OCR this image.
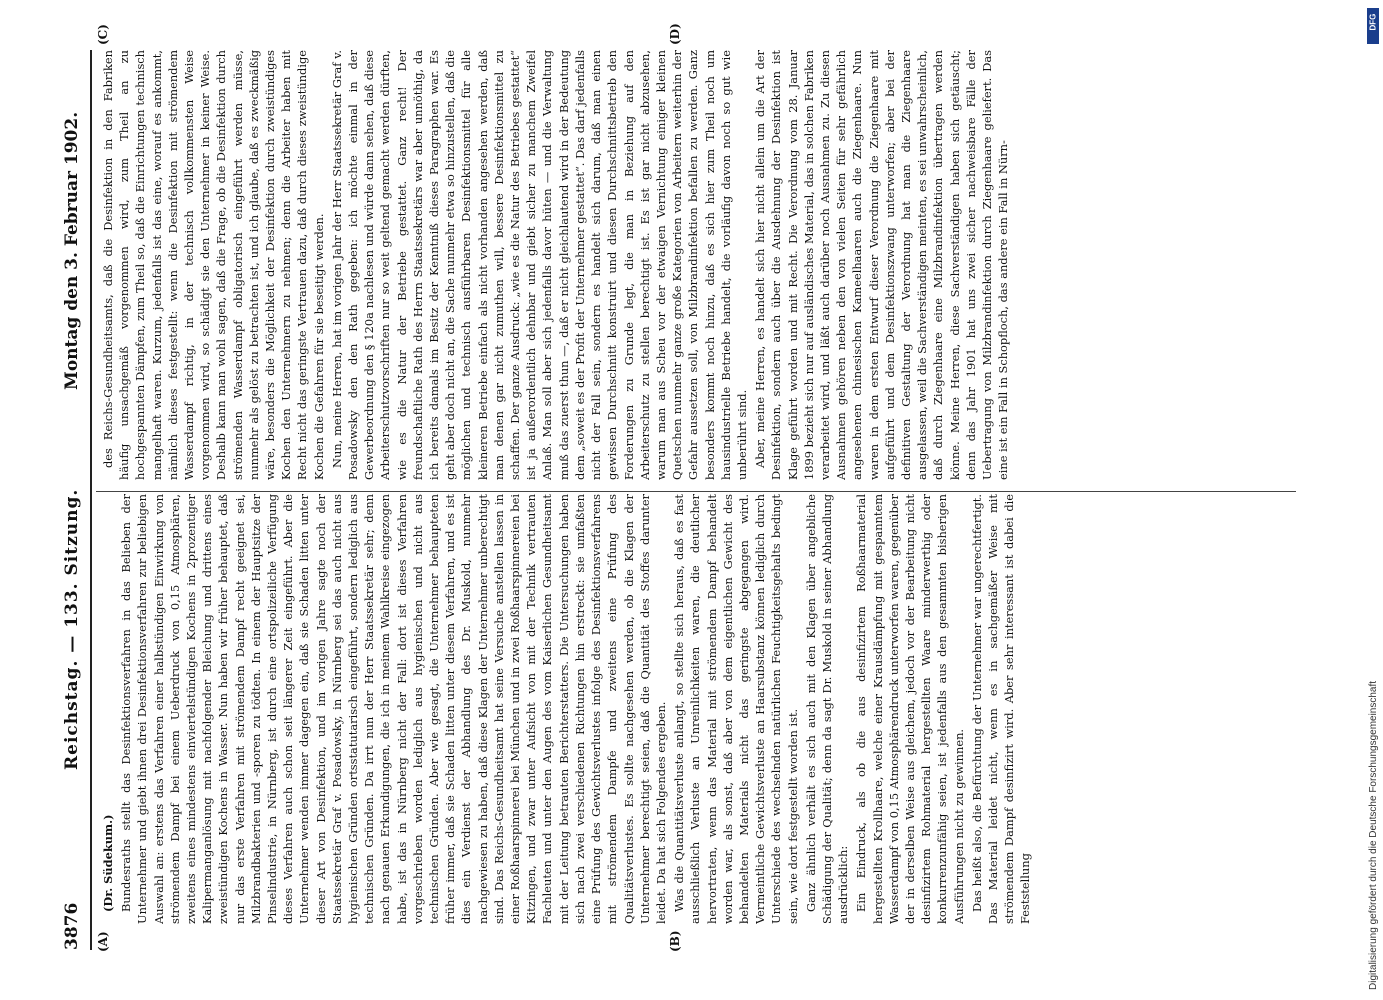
3876
Reichstag. — 133. Sitzung.
Montag den 3. Februar 1902.
(A)	(B)
(C)	(D)

(Dr. Südekum.) Bundesraths stellt das Desinfektionsverfahren in das Belieben der Unternehmer und giebt ihnen drei Desinfektionsverfahren zur beliebigen Auswahl an: erstens das Verfahren einer halbstündigen Einwirkung von strömendem Dampf bei einem Ueberdruck von 0,15 Atmosphären, zweitens eines mindestens einviertelstündigen Kochens in 2prozentiger Kalipermanganlösung mit nachfolgender Bleichung und drittens eines zweistündigen Kochens in Wasser. Nun haben wir früher behauptet, daß nur das erste Verfahren mit strömendem Dampf recht geeignet sei, Milzbrandbakterien und -sporen zu tödten. In einem der Hauptsitze der Pinselindustrie, in Nürnberg, ist durch eine ortspolizeiliche Verfügung dieses Verfahren auch schon seit längerer Zeit eingeführt. Aber die Unternehmer wenden immer dagegen ein, daß sie Schaden litten unter dieser Art von Desinfektion, und im vorigen Jahre sagte noch der Staatssekretär Graf v. Posadowsky, in Nürnberg sei das auch nicht aus hygienischen Gründen ortsstatutarisch eingeführt, sondern lediglich aus technischen Gründen. Da irrt nun der Herr Staatssekretär sehr; denn nach genauen Erkundigungen, die ich in meinem Wahlkreise eingezogen habe, ist das in Nürnberg nicht der Fall: dort ist dieses Verfahren vorgeschrieben worden lediglich aus hygienischen und nicht aus technischen Gründen. Aber wie gesagt, die Unternehmer behaupteten früher immer, daß sie Schaden litten unter diesem Verfahren, und es ist dies ein Verdienst der Abhandlung des Dr. Muskold, nunmehr nachgewiesen zu haben, daß diese Klagen der Unternehmer unberechtigt sind. Das Reichs-Gesundheitsamt hat seine Versuche anstellen lassen in einer Roßhaarspinnerei bei München und in zwei Roßhaarspinnereien bei Kitzingen, und zwar unter Aufsicht von mit der Technik vertrauten Fachleuten und unter den Augen des vom Kaiserlichen Gesundheitsamt mit der Leitung betrauten Berichterstatters. Die Untersuchungen haben sich nach zwei verschiedenen Richtungen hin erstreckt: sie umfaßten eine Prüfung des Gewichtsverlustes infolge des Desinfektionsverfahrens mit strömendem Dampfe und zweitens eine Prüfung des Qualitätsverlustes. Es sollte nachgesehen werden, ob die Klagen der Unternehmer berechtigt seien, daß die Quantität des Stoffes darunter leidet. Da hat sich Folgendes ergeben. Was die Quantitätsverluste anlangt, so stellte sich heraus, daß es fast ausschließlich Verluste an Unreinlichkeiten waren, die deutlicher hervortraten, wenn das Material mit strömendem Dampf behandelt worden war, als sonst, daß aber von dem eigentlichen Gewicht des behandelten Materials nicht das geringste abgegangen wird. Vermeintliche Gewichtsverluste an Haarsubstanz können lediglich durch Unterschiede des wechselnden natürlichen Feuchtigkeitsgehalts bedingt sein, wie dort festgestellt worden ist. Ganz ähnlich verhält es sich auch mit den Klagen über angebliche Schädigung der Qualität; denn da sagt Dr. Muskold in seiner Abhandlung ausdrücklich: Ein Eindruck, als ob die aus desinfizirtem Roßhaarmaterial hergestellten Krollhaare, welche einer Krausdämpfung mit gespanntem Wasserdampf von 0,15 Atmosphärendruck unterworfen waren, gegenüber der in derselben Weise aus gleichem, jedoch vor der Bearbeitung nicht desinfizirtem Rohmaterial hergestellten Waare minderwerthig oder konkurrenzunfähig seien, ist jedenfalls aus den gesammten bisherigen Ausführungen nicht zu gewinnen. Das heißt also, die Befürchtung der Unternehmer war ungerechtfertigt. Das Material leidet nicht, wenn es in sachgemäßer Weise mit strömendem Dampf desinfizirt wird. Aber sehr interessant ist dabei die Feststellung

des Reichs-Gesundheitsamts, daß die Desinfektion in den Fabriken häufig unsachgemäß vorgenommen wird, zum Theil an zu hochgespannten Dämpfen, zum Theil so, daß die Einrichtungen technisch mangelhaft waren. Kurzum, jedenfalls ist das eine, worauf es ankommt, nämlich dieses festgestellt: wenn die Desinfektion mit strömendem Wasserdampf richtig, in der technisch vollkommensten Weise vorgenommen wird, so schädigt sie den Unternehmer in keiner Weise. Deshalb kann man wohl sagen, daß die Frage, ob die Desinfektion durch strömenden Wasserdampf obligatorisch eingeführt werden müsse, nunmehr als gelöst zu betrachten ist, und ich glaube, daß es zweckmäßig wäre, besonders die Möglichkeit der Desinfektion durch zweistündiges Kochen den Unternehmern zu nehmen; denn die Arbeiter haben mit Recht nicht das geringste Vertrauen dazu, daß durch dieses zweistündige Kochen die Gefahren für sie beseitigt werden. Nun, meine Herren, hat im vorigen Jahr der Herr Staatssekretär Graf v. Posadowsky den den Rath gegeben: ich möchte einmal in der Gewerbeordnung den § 120a nachlesen und würde dann sehen, daß diese Arbeiterschutzvorschriften nur so weit geltend gemacht werden dürften, wie es die Natur der Betriebe gestattet. Ganz recht! Der freundschaftliche Rath des Herrn Staatssekretärs war aber unnöthig, da ich bereits damals im Besitz der Kenntniß dieses Paragraphen war. Es geht aber doch nicht an, die Sache nunmehr etwa so hinzustellen, daß die möglichen und technisch ausführbaren Desinfektionsmittel für alle kleineren Betriebe einfach als nicht vorhanden angesehen werden, daß man denen gar nicht zumuthen will, bessere Desinfektionsmittel zu schaffen. Der ganze Ausdruck: „wie es die Natur des Betriebes gestattet“ ist ja außerordentlich dehnbar und giebt sicher zu manchem Zweifel Anlaß. Man soll aber sich jedenfalls davor hüten — und die Verwaltung muß das zuerst thun —, daß er nicht gleichlautend wird in der Bedeutung dem „soweit es der Profit der Unternehmer gestattet“. Das darf jedenfalls nicht der Fall sein, sondern es handelt sich darum, daß man einen gewissen Durchschnitt konstruirt und diesen Durchschnittsbetrieb den Forderungen zu Grunde legt, die man in Beziehung auf den Arbeiterschutz zu stellen berechtigt ist. Es ist gar nicht abzusehen, warum man aus Scheu vor der etwaigen Vernichtung einiger kleinen Quetschen nunmehr ganze große Kategorien von Arbeitern weiterhin der Gefahr aussetzen soll, von Milzbrandinfektion befallen zu werden. Ganz besonders kommt noch hinzu, daß es sich hier zum Theil noch um hausindustrielle Betriebe handelt, die vorläufig davon noch so gut wie unberührt sind. Aber, meine Herren, es handelt sich hier nicht allein um die Art der Desinfektion, sondern auch über die Ausdehnung der Desinfektion ist Klage geführt worden und mit Recht. Die Verordnung vom 28. Januar 1899 bezieht sich nur auf ausländisches Material, das in solchen Fabriken verarbeitet wird, und läßt auch darüber noch Ausnahmen zu. Zu diesen Ausnahmen gehören neben den von vielen Seiten für sehr gefährlich angesehenen chinesischen Kameelhaaren auch die Ziegenhaare. Nun waren in dem ersten Entwurf dieser Verordnung die Ziegenhaare mit aufgeführt und dem Desinfektionszwang unterworfen; aber bei der definitiven Gestaltung der Verordnung hat man die Ziegenhaare ausgelassen, weil die Sachverständigen meinten, es sei unwahrscheinlich, daß durch Ziegenhaare eine Milzbrandinfektion übertragen werden könne. Meine Herren, diese Sachverständigen haben sich getäuscht; denn das Jahr 1901 hat uns zwei sicher nachweisbare Fälle der Uebertragung von Milzbrandinfektion durch Ziegenhaare geliefert. Das eine ist ein Fall in Schopfloch, das andere ein Fall in Nürn-

DFG
Digitalisierung gefördert durch die Deutsche Forschungsgemeinschaft
